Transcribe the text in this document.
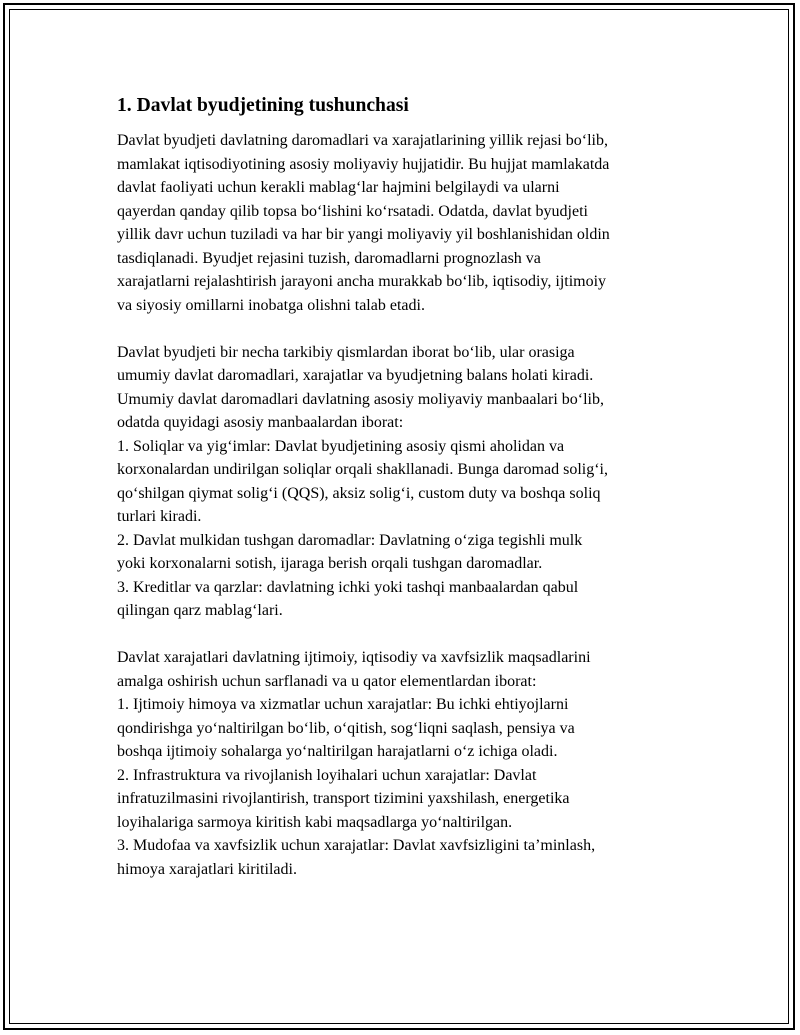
1. Davlat byudjetining tushunchasi

Davlat byudjeti davlatning daromadlari va xarajatlarining yillik rejasi bo‘lib,
mamlakat iqtisodiyotining asosiy moliyaviy hujjatidir. Bu hujjat mamlakatda
davlat faoliyati uchun kerakli mablag‘lar hajmini belgilaydi va ularni
qayerdan qanday qilib topsa bo‘lishini ko‘rsatadi. Odatda, davlat byudjeti
yillik davr uchun tuziladi va har bir yangi moliyaviy yil boshlanishidan oldin
tasdiqlanadi. Byudjet rejasini tuzish, daromadlarni prognozlash va
xarajatlarni rejalashtirish jarayoni ancha murakkab bo‘lib, iqtisodiy, ijtimoiy
va siyosiy omillarni inobatga olishni talab etadi.

Davlat byudjeti bir necha tarkibiy qismlardan iborat bo‘lib, ular orasiga
umumiy davlat daromadlari, xarajatlar va byudjetning balans holati kiradi.
Umumiy davlat daromadlari davlatning asosiy moliyaviy manbaalari bo‘lib,
odatda quyidagi asosiy manbaalardan iborat:
1. Soliqlar va yig‘imlar: Davlat byudjetining asosiy qismi aholidan va
korxonalardan undirilgan soliqlar orqali shakllanadi. Bunga daromad solig‘i,
qo‘shilgan qiymat solig‘i (QQS), aksiz solig‘i, custom duty va boshqa soliq
turlari kiradi.
2. Davlat mulkidan tushgan daromadlar: Davlatning o‘ziga tegishli mulk
yoki korxonalarni sotish, ijaraga berish orqali tushgan daromadlar.
3. Kreditlar va qarzlar: davlatning ichki yoki tashqi manbaalardan qabul
qilingan qarz mablag‘lari.

Davlat xarajatlari davlatning ijtimoiy, iqtisodiy va xavfsizlik maqsadlarini
amalga oshirish uchun sarflanadi va u qator elementlardan iborat:
1. Ijtimoiy himoya va xizmatlar uchun xarajatlar: Bu ichki ehtiyojlarni
qondirishga yo‘naltirilgan bo‘lib, o‘qitish, sog‘liqni saqlash, pensiya va
boshqa ijtimoiy sohalarga yo‘naltirilgan harajatlarni o‘z ichiga oladi.
2. Infrastruktura va rivojlanish loyihalari uchun xarajatlar: Davlat
infratuzilmasini rivojlantirish, transport tizimini yaxshilash, energetika
loyihalariga sarmoya kiritish kabi maqsadlarga yo‘naltirilgan.
3. Mudofaa va xavfsizlik uchun xarajatlar: Davlat xavfsizligini ta’minlash,
himoya xarajatlari kiritiladi.
